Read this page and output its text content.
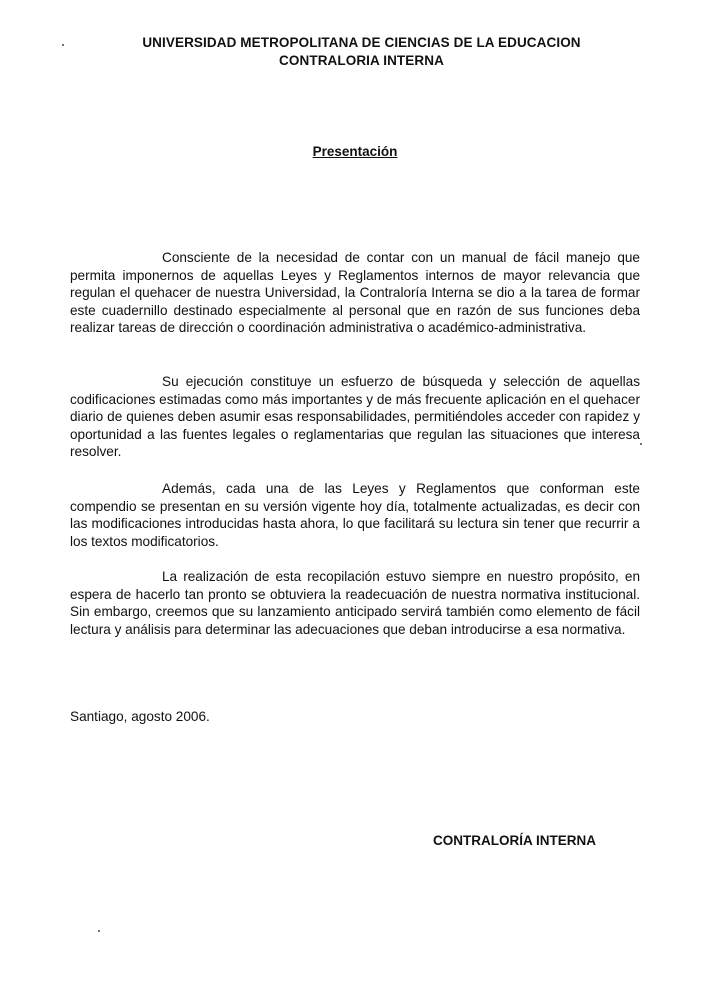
UNIVERSIDAD METROPOLITANA DE CIENCIAS DE LA EDUCACION
CONTRALORIA INTERNA
Presentación

Consciente de la necesidad de contar con un manual de fácil manejo que permita imponernos de aquellas Leyes y Reglamentos internos de mayor relevancia que regulan el quehacer de nuestra Universidad, la Contraloría Interna se dio a la tarea de formar este cuadernillo destinado especialmente al personal que en razón de sus funciones deba realizar tareas de dirección o coordinación administrativa o académico-administrativa.

Su ejecución constituye un esfuerzo de búsqueda y selección de aquellas codificaciones estimadas como más importantes y de más frecuente aplicación en el quehacer diario de quienes deben asumir esas responsabilidades, permitiéndoles acceder con rapidez y oportunidad a las fuentes legales o reglamentarias que regulan las situaciones que interesa resolver.

Además, cada una de las Leyes y Reglamentos que conforman este compendio se presentan en su versión vigente hoy día, totalmente actualizadas, es decir con las modificaciones introducidas hasta ahora, lo que facilitará su lectura sin tener que recurrir a los textos modificatorios.

La realización de esta recopilación estuvo siempre en nuestro propósito, en espera de hacerlo tan pronto se obtuviera la readecuación de nuestra normativa institucional. Sin embargo, creemos que su lanzamiento anticipado servirá también como elemento de fácil lectura y análisis para determinar las adecuaciones que deban introducirse a esa normativa.

Santiago, agosto 2006.
CONTRALORÍA INTERNA
